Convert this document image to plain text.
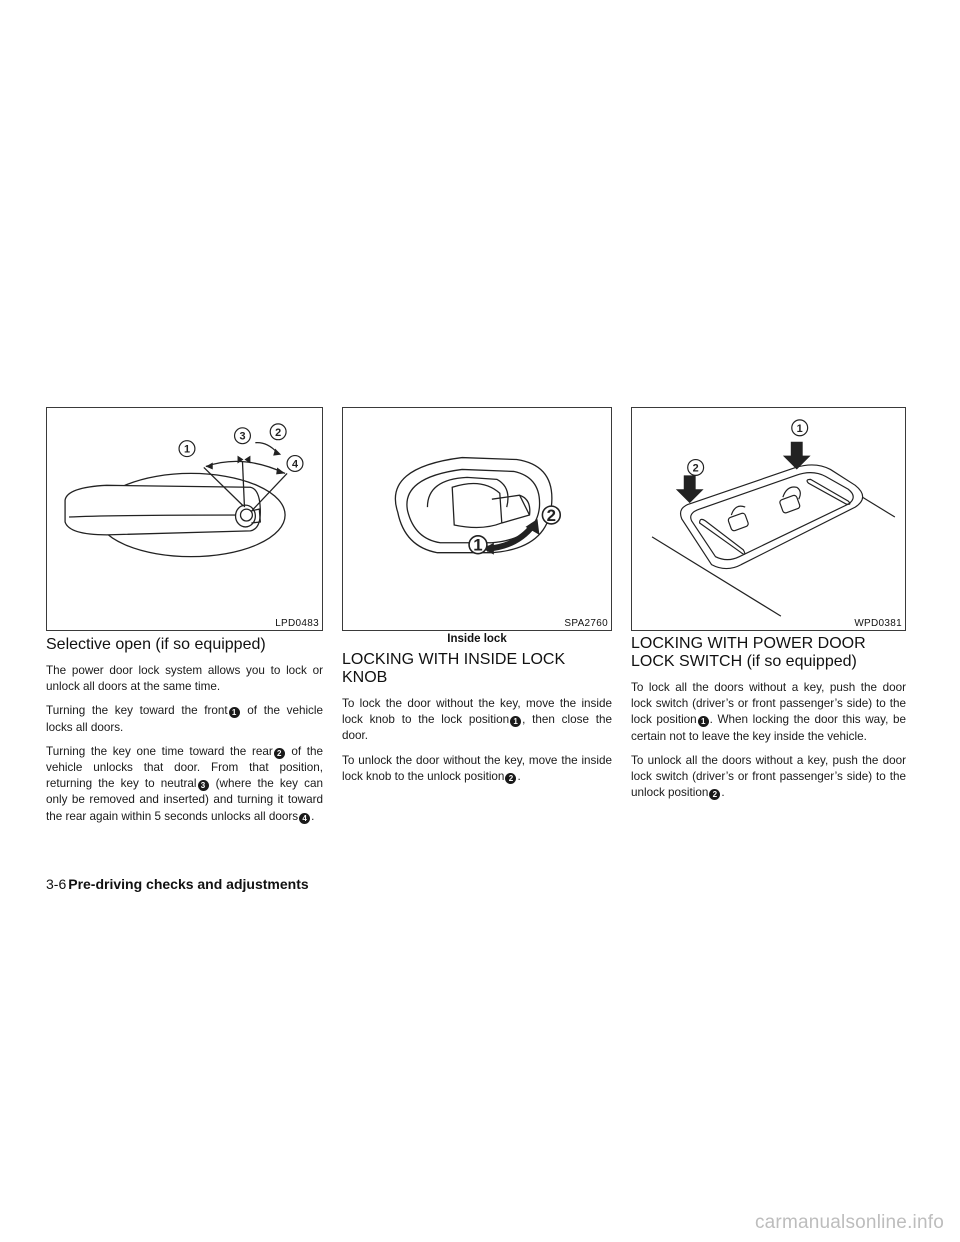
1
3	2
4
LPD0483
1
2
SPA2760
Inside lock
2
1
WPD0381
Selective open (if so equipped)

The power door lock system allows you to lock or unlock all doors at the same time.

Turning the key toward the front 1 of the vehicle locks all doors.

Turning the key one time toward the rear 2 of the vehicle unlocks that door. From that position, returning the key to neutral 3 (where the key can only be removed and inserted) and turning it toward the rear again within 5 seconds unlocks all doors 4 .

LOCKING WITH INSIDE LOCK KNOB

To lock the door without the key, move the inside lock knob to the lock position 1 , then close the door.

To unlock the door without the key, move the inside lock knob to the unlock position 2 .

LOCKING WITH POWER DOOR LOCK SWITCH (if so equipped)

To lock all the doors without a key, push the door lock switch (driver’s or front passenger’s side) to the lock position 1 . When locking the door this way, be certain not to leave the key inside the vehicle.

To unlock all the doors without a key, push the door lock switch (driver’s or front passenger’s side) to the unlock position 2 .

3-6 Pre-driving checks and adjustments
carmanualsonline.info
